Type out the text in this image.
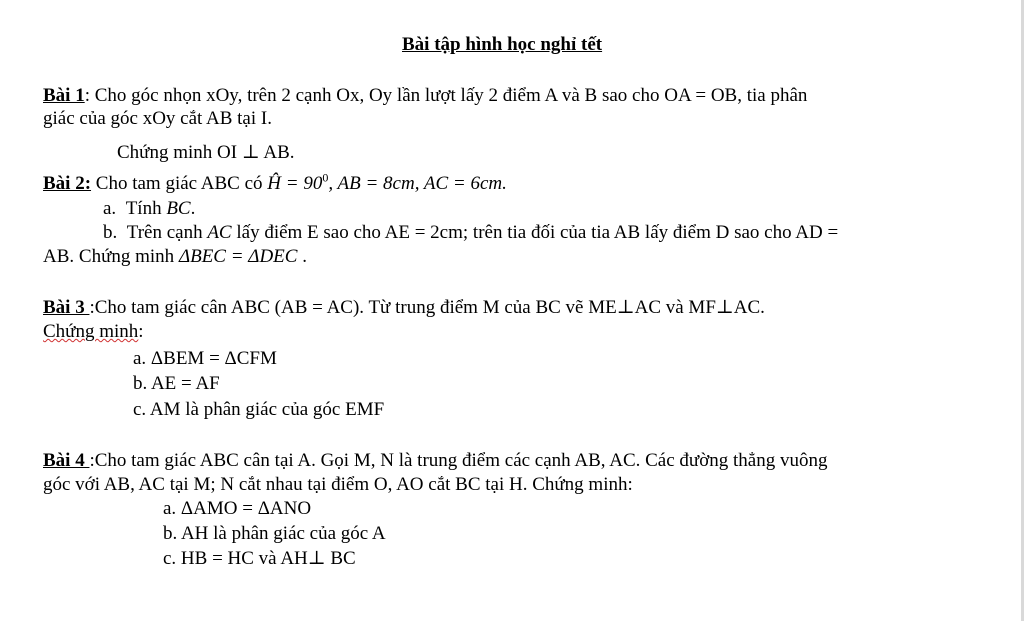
Bài tập hình học nghỉ tết
Bài 1: Cho góc nhọn xOy, trên 2 cạnh Ox, Oy lần lượt lấy 2 điểm A và B sao cho OA = OB, tia phân
giác của góc xOy cắt AB tại I.
Chứng minh OI ⊥ AB.
Bài 2: Cho tam giác ABC có Ĥ = $90^0$, AB = 8cm, AC = 6cm.
a. Tính BC.
b. Trên cạnh AC lấy điểm E sao cho AE = 2cm; trên tia đối của tia AB lấy điểm D sao cho AD =
AB. Chứng minh ΔBEC = ΔDEC .
Bài 3 :Cho tam giác cân ABC (AB = AC). Từ trung điểm M của BC vẽ ME⊥AC và MF⊥AC.
Chứng minh:
a. ΔBEM = ΔCFM
b. AE = AF
c. AM là phân giác của góc EMF
Bài 4 :Cho tam giác ABC cân tại A. Gọi M, N là trung điểm các cạnh AB, AC. Các đường thẳng vuông
góc với AB, AC tại M; N cắt nhau tại điểm O, AO cắt BC tại H. Chứng minh:
a. ΔAMO = ΔANO
b. AH là phân giác của góc A
c. HB = HC và AH⊥ BC
